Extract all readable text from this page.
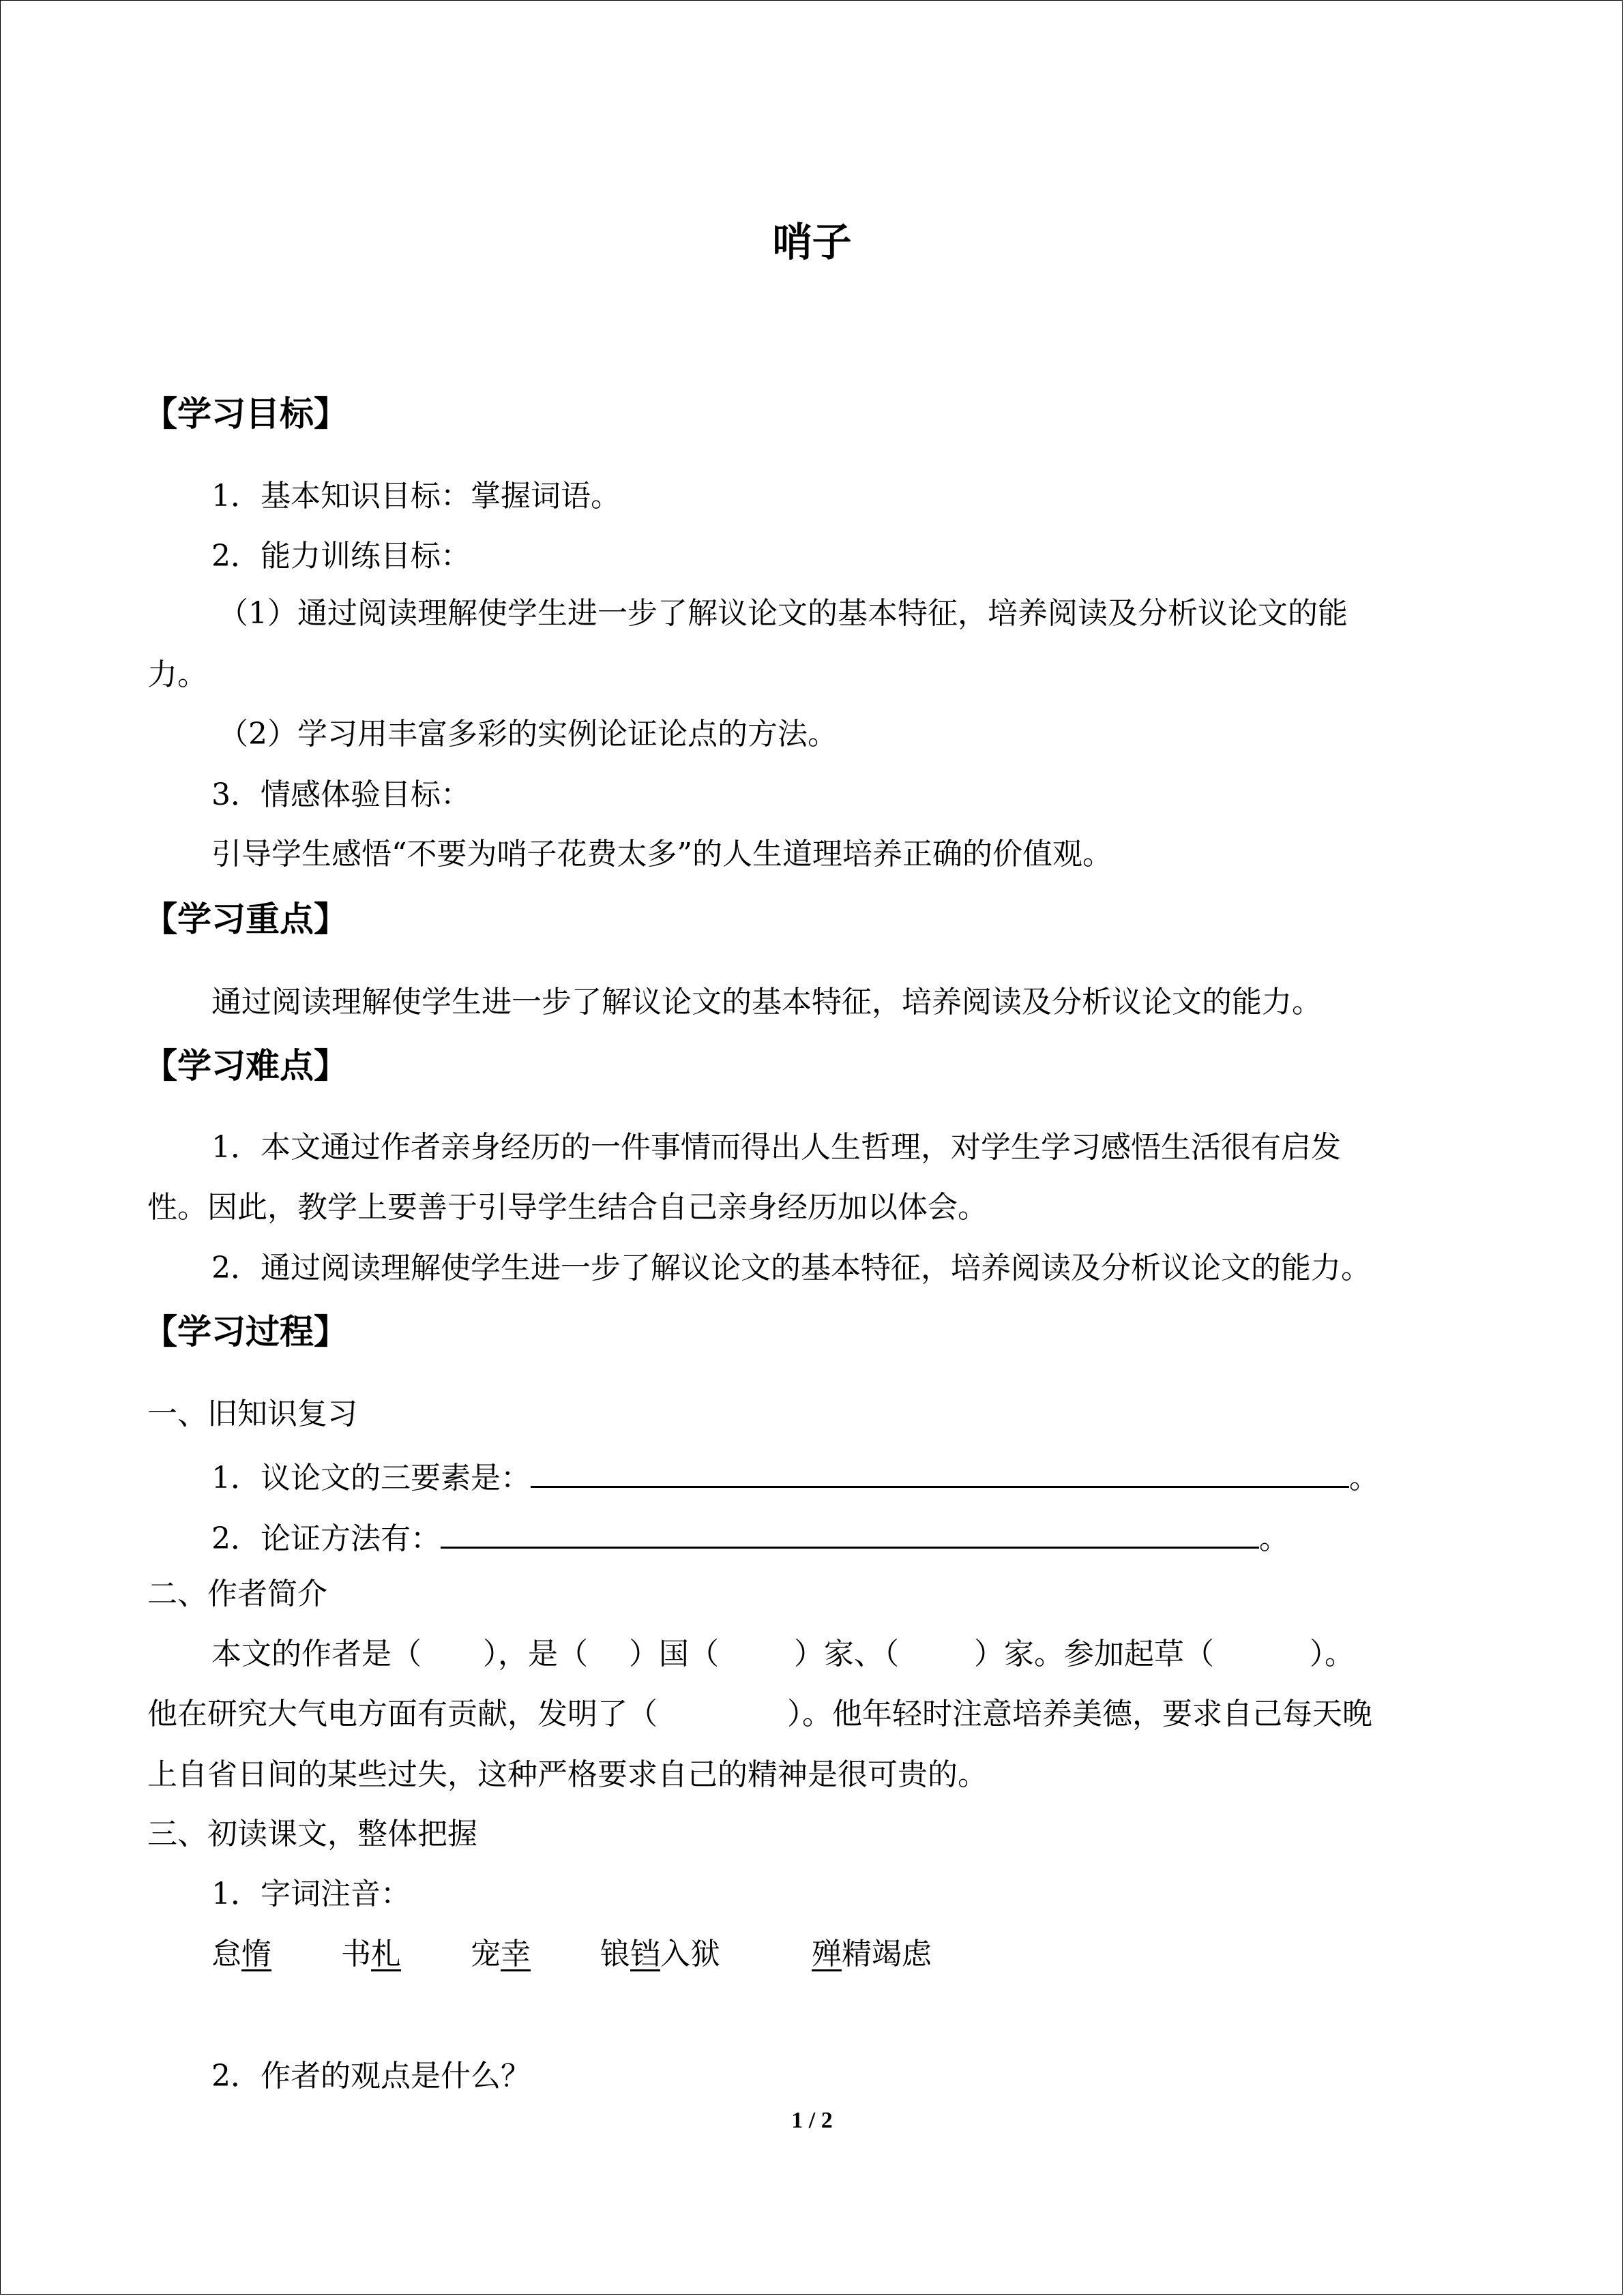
哨子
【学习目标】
1．基本知识目标：掌握词语。
2．能力训练目标：
（1）通过阅读理解使学生进一步了解议论文的基本特征，培养阅读及分析议论文的能
力。
（2）学习用丰富多彩的实例论证论点的方法。
3．情感体验目标：
引导学生感悟“不要为哨子花费太多”的人生道理培养正确的价值观。
【学习重点】
通过阅读理解使学生进一步了解议论文的基本特征，培养阅读及分析议论文的能力。
【学习难点】
1．本文通过作者亲身经历的一件事情而得出人生哲理，对学生学习感悟生活很有启发
性。因此，教学上要善于引导学生结合自己亲身经历加以体会。
2．通过阅读理解使学生进一步了解议论文的基本特征，培养阅读及分析议论文的能力。
【学习过程】
一、旧知识复习
1．议论文的三要素是：	。
2．论证方法有：	。
二、作者简介
本文的作者是（ ），是（ ）国（	）家、（	）家。参加起草（	）。
他在研究大气电方面有贡献，发明了（	）。他年轻时注意培养美德，要求自己每天晚
上自省日间的某些过失，这种严格要求自己的精神是很可贵的。
三、初读课文，整体把握
1．字词注音：
怠惰 书札 宠幸 锒铛入狱	殚精竭虑
2．作者的观点是什么？
1 / 2
